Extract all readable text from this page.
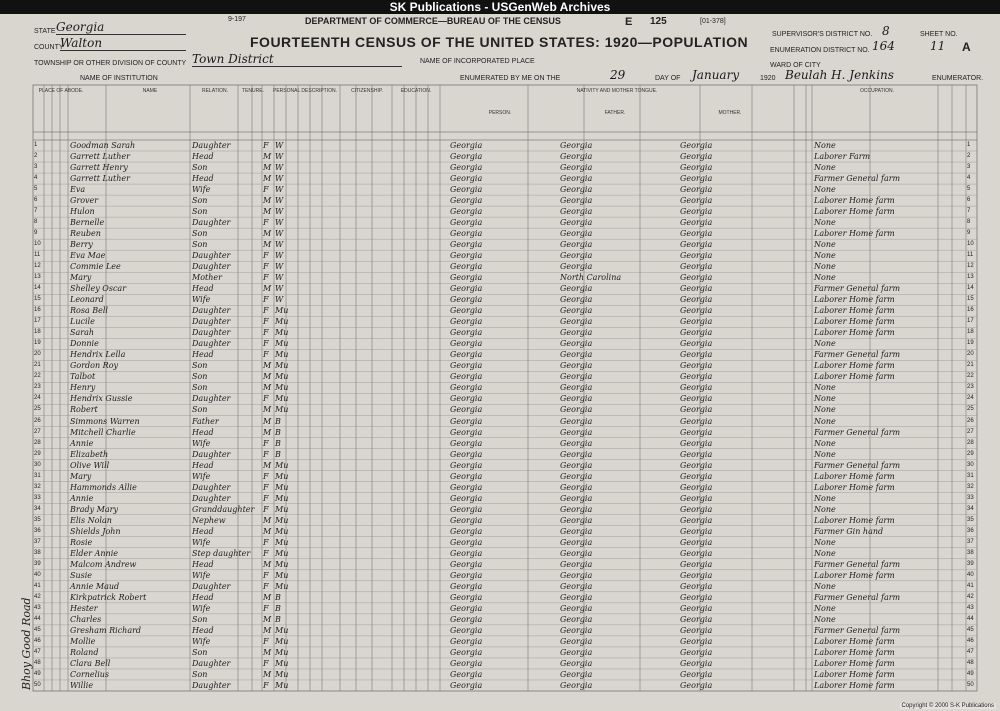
SK Publications - USGenWeb Archives
9-197	DEPARTMENT OF COMMERCE—BUREAU OF THE CENSUS	E 125	[01-378]
FOURTEENTH CENSUS OF THE UNITED STATES: 1920—POPULATION
STATE Georgia
COUNTY
Walton
TOWNSHIP OR OTHER DIVISION OF COUNTY Town District
NAME OF INSTITUTION
NAME OF INCORPORATED PLACE
ENUMERATED BY ME ON THE	29	DAY OF January	1920 Beulah H. Jenkins	ENUMERATOR.
SUPERVISOR'S DISTRICT NO. 8	SHEET NO.
ENUMERATION DISTRICT NO. 164	11 A
WARD OF CITY
PLACE OF ABODE.	NAME	RELATION.	TENURE.	PERSONAL DESCRIPTION.	CITIZENSHIP.	EDUCATION.	NATIVITY AND MOTHER TONGUE.
PERSON.	FATHER.	MOTHER.
OCCUPATION.
1	Goodman Sarah	Daughter	F W	Georgia	Georgia	Georgia	None	1
2	Garrett Luther	Head	M W	Georgia	Georgia	Georgia	Laborer Farm	2
3	Garrett Henry	Son	M W	Georgia	Georgia	Georgia	None	3
4	Garrett Luther	Head	M W	Georgia	Georgia	Georgia	Farmer General farm	4
5	Eva	Wife	F W	Georgia	Georgia	Georgia	None	5
6	Grover	Son	M W	Georgia	Georgia	Georgia	Laborer Home farm	6
7	Hulon	Son	M W	Georgia	Georgia	Georgia	Laborer Home farm	7
8	Bernelle	Daughter	F W	Georgia	Georgia	Georgia	None	8
9	Reuben	Son	M W	Georgia	Georgia	Georgia	Laborer Home farm	9
10	Berry	Son	M W	Georgia	Georgia	Georgia	None	10
11	Eva Mae	Daughter	F W	Georgia	Georgia	Georgia	None	11
12	Commie Lee	Daughter	F W	Georgia	Georgia	Georgia	None	12
13	Mary	Mother	F W	Georgia	North Carolina	Georgia	None	13
14	Shelley Oscar	Head	M W	Georgia	Georgia	Georgia	Farmer General farm	14
15	Leonard	Wife	F W	Georgia	Georgia	Georgia	Laborer Home farm	15
16	Rosa Bell	Daughter	F Mu	Georgia	Georgia	Georgia	Laborer Home farm	16
17	Lucile	Daughter	F Mu	Georgia	Georgia	Georgia	Laborer Home farm	17
18	Sarah	Daughter	F Mu	Georgia	Georgia	Georgia	Laborer Home farm	18
19	Donnie	Daughter	F Mu	Georgia	Georgia	Georgia	None	19
20	Hendrix Lella	Head	F Mu	Georgia	Georgia	Georgia	Farmer General farm	20
21	Gordon Roy	Son	M Mu	Georgia	Georgia	Georgia	Laborer Home farm	21
22	Talbot	Son	M Mu	Georgia	Georgia	Georgia	Laborer Home farm	22
23	Henry	Son	M Mu	Georgia	Georgia	Georgia	None	23
24	Hendrix Gussie	Daughter	F Mu	Georgia	Georgia	Georgia	None	24
25	Robert	Son	M Mu	Georgia	Georgia	Georgia	None	25
26	Simmons Warren	Father	M B	Georgia	Georgia	Georgia	None	26
27	Mitchell Charlie	Head	M B	Georgia	Georgia	Georgia	Farmer General farm	27
28	Annie	Wife	F B	Georgia	Georgia	Georgia	None	28
29	Elizabeth	Daughter	F B	Georgia	Georgia	Georgia	None	29
30	Olive Will	Head	M Mu	Georgia	Georgia	Georgia	Farmer General farm	30
31	Mary	Wife	F Mu	Georgia	Georgia	Georgia	Laborer Home farm	31
32	Hammonds Allie	Daughter	F Mu	Georgia	Georgia	Georgia	Laborer Home farm	32
33	Annie	Daughter	F Mu	Georgia	Georgia	Georgia	None	33
34	Brady Mary	Granddaughter F Mu	Georgia	Georgia	Georgia	None	34
35	Elis Nolan	Nephew	M Mu	Georgia	Georgia	Georgia	Laborer Home farm	35
36	Shields John	Head	M Mu	Georgia	Georgia	Georgia	Farmer Gin hand	36
37	Rosie	Wife	F Mu	Georgia	Georgia	Georgia	None	37
38	Elder Annie	Step daughter F Mu	Georgia	Georgia	Georgia	None	38
39	Malcom Andrew	Head	M Mu	Georgia	Georgia	Georgia	Farmer General farm	39
40	Susie	Wife	F Mu	Georgia	Georgia	Georgia	Laborer Home farm	40
41	Annie Maud	Daughter	F Mu	Georgia	Georgia	Georgia	None	41
42	Kirkpatrick Robert	Head	M B	Georgia	Georgia	Georgia	Farmer General farm	42
43	Hester	Wife	F B	Georgia	Georgia	Georgia	None	43
44	Charles	Son	M B	Georgia	Georgia	Georgia	None	44
45	Gresham Richard	Head	M Mu	Georgia	Georgia	Georgia	Farmer General farm	45
46	Mollie	Wife	F Mu	Georgia	Georgia	Georgia	Laborer Home farm	46
47	Roland	Son	M Mu	Georgia	Georgia	Georgia	Laborer Home farm	47
48	Clara Bell	Daughter	F Mu	Georgia	Georgia	Georgia	Laborer Home farm	48
49	Cornelius	Son	M Mu	Georgia	Georgia	Georgia	Laborer Home farm	49
50	Willie	Daughter	F Mu	Georgia	Georgia	Georgia	Laborer Home farm	50
Bhoy Good Road
Copyright © 2000 S-K Publications
